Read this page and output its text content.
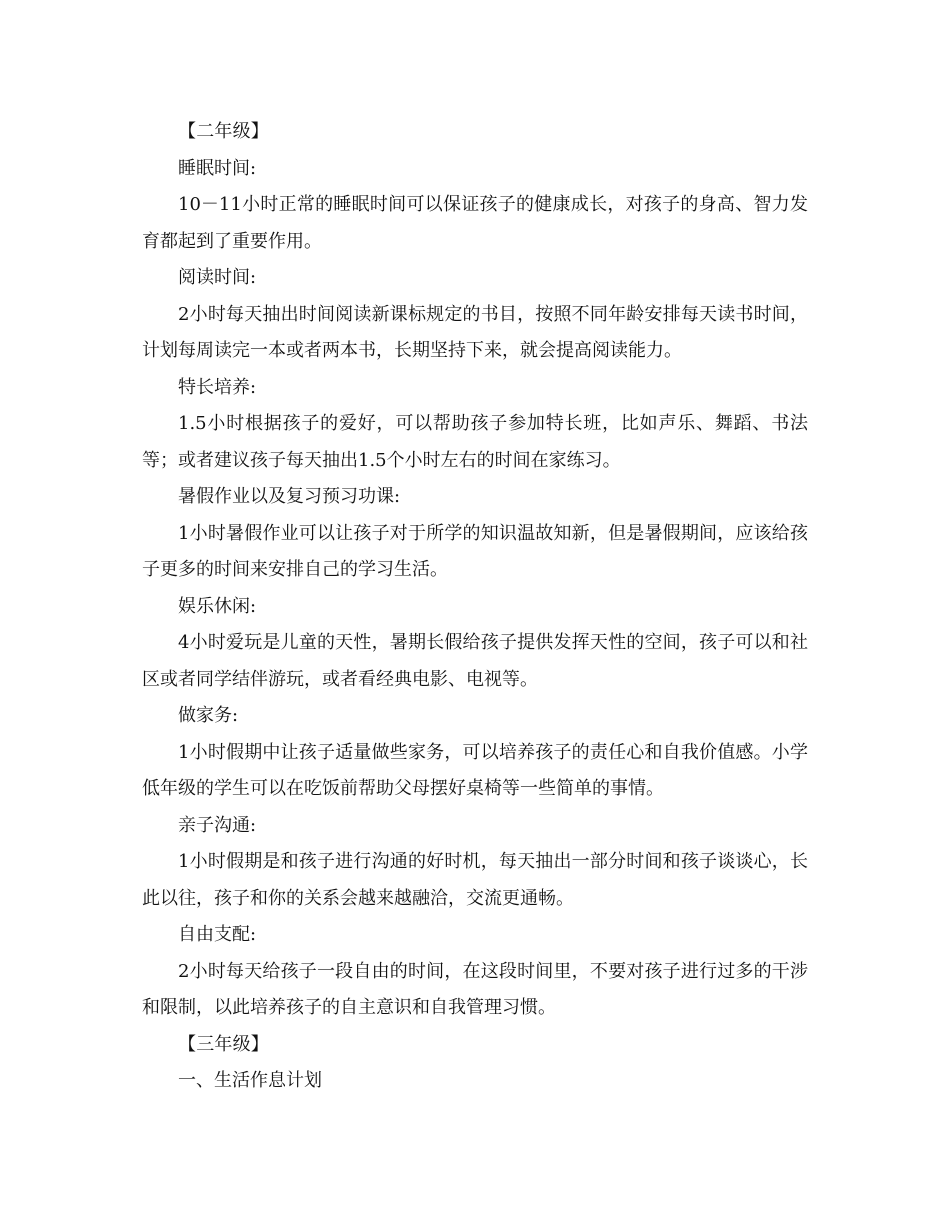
【二年级】

睡眠时间:

10－11小时正常的睡眠时间可以保证孩子的健康成长，对孩子的身高、智力发育都起到了重要作用。

阅读时间:

2小时每天抽出时间阅读新课标规定的书目，按照不同年龄安排每天读书时间，计划每周读完一本或者两本书，长期坚持下来，就会提高阅读能力。

特长培养:

1.5小时根据孩子的爱好，可以帮助孩子参加特长班，比如声乐、舞蹈、书法等；或者建议孩子每天抽出1.5个小时左右的时间在家练习。

暑假作业以及复习预习功课:

1小时暑假作业可以让孩子对于所学的知识温故知新，但是暑假期间，应该给孩子更多的时间来安排自己的学习生活。

娱乐休闲:

4小时爱玩是儿童的天性，暑期长假给孩子提供发挥天性的空间，孩子可以和社区或者同学结伴游玩，或者看经典电影、电视等。

做家务:

1小时假期中让孩子适量做些家务，可以培养孩子的责任心和自我价值感。小学低年级的学生可以在吃饭前帮助父母摆好桌椅等一些简单的事情。

亲子沟通:

1小时假期是和孩子进行沟通的好时机，每天抽出一部分时间和孩子谈谈心，长此以往，孩子和你的关系会越来越融洽，交流更通畅。

自由支配:

2小时每天给孩子一段自由的时间，在这段时间里，不要对孩子进行过多的干涉和限制，以此培养孩子的自主意识和自我管理习惯。

【三年级】

一、生活作息计划
